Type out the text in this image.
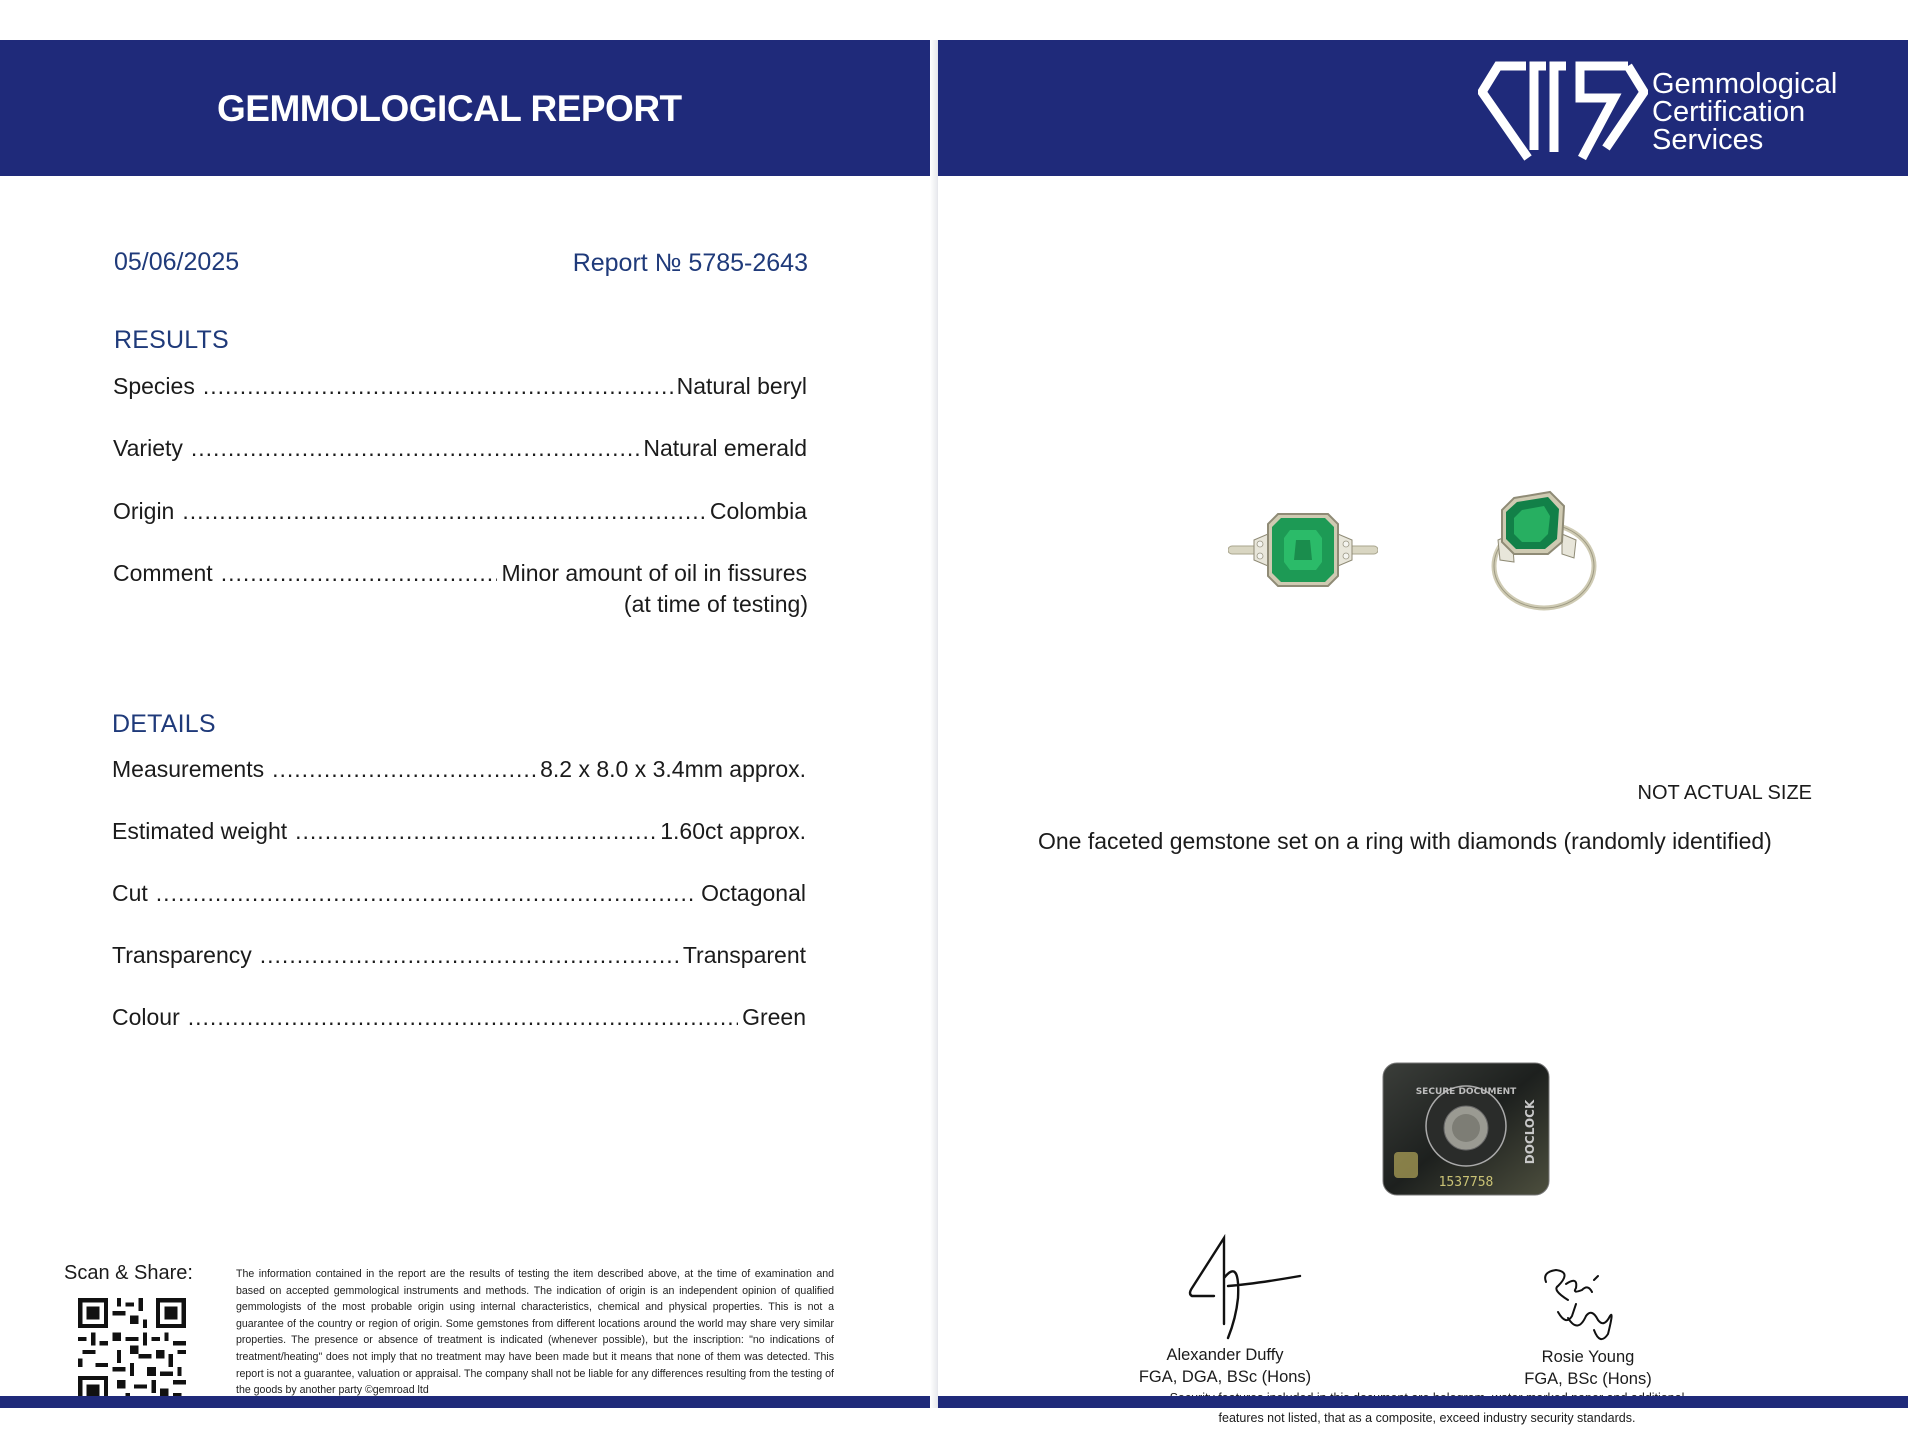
GEMMOLOGICAL REPORT
05/06/2025	Report № 5785-2643
RESULTS
Species .....	Natural beryl
Variety .....	Natural emerald
Origin .....	Colombia
Comment .....	Minor amount of oil in fissures
(at time of testing)
DETAILS
Measurements .....	8.2 x 8.0 x 3.4mm approx.
Estimated weight .....	1.60ct approx.
Cut .....	Octagonal
Transparency .....	Transparent
Colour .....	Green
Scan & Share:	The information contained in the report are the results of testing the item described above, at the time of examination and based on accepted gemmological instruments and methods. The indication of origin is an independent opinion of qualified gemmologists of the most probable origin using internal characteristics, chemical and physical properties. This is not a guarantee of the country or region of origin. Some gemstones from different locations around the world may share very similar properties. The presence or absence of treatment is indicated (whenever possible), but the inscription: "no indications of treatment/heating" does not imply that no treatment may have been made but it means that none of them was detected. This report is not a guarantee, valuation or appraisal. The company shall not be liable for any differences resulting from the testing of the goods by another party ©gemroad ltd
Gemmological
Certification
Services
NOT ACTUAL SIZE
One faceted gemstone set on a ring with diamonds (randomly identified)
SECURE DOCUMENT
DOCLOCK
1537758
Alexander Duffy
FGA, DGA, BSc (Hons)
Rosie Young
FGA, BSc (Hons)
features not listed, that as a composite, exceed industry security standards.
